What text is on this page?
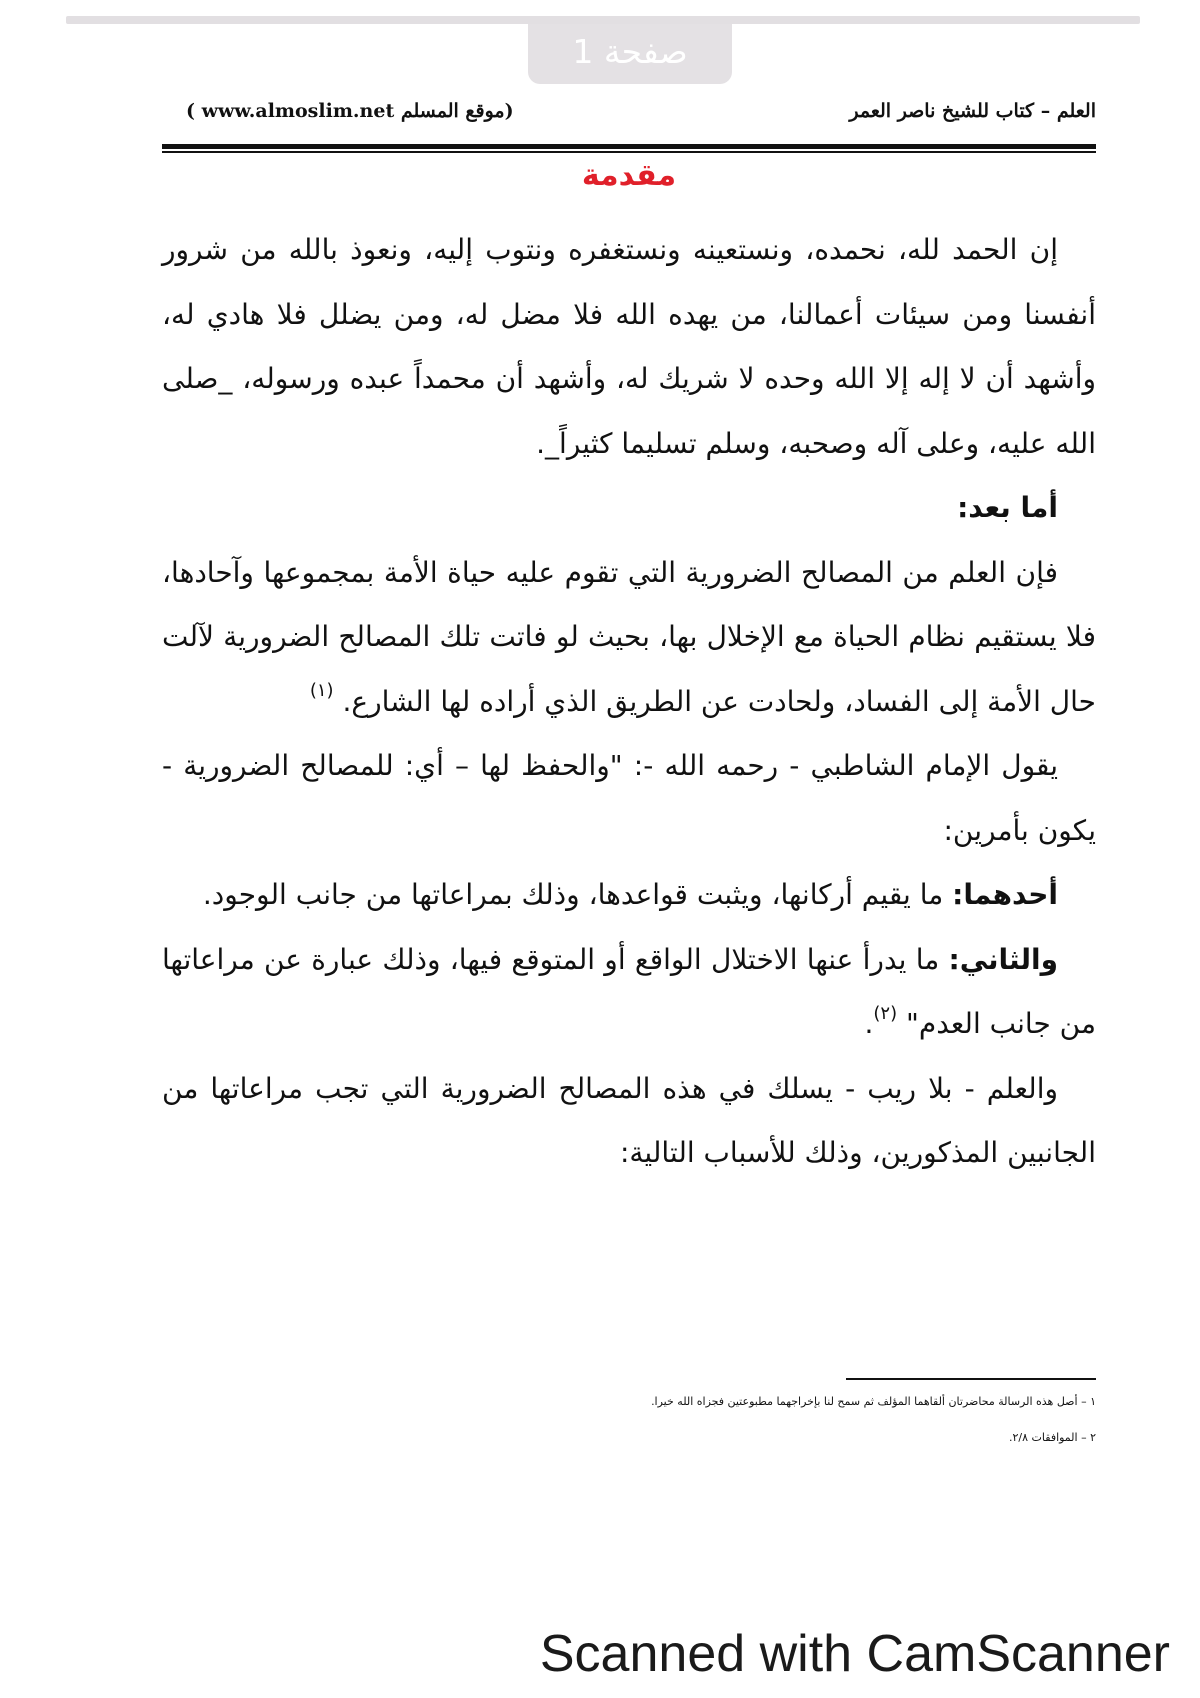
صفحة 1
العلم – كتاب للشيخ ناصر العمر
(موقع المسلم www.almoslim.net )
مقدمة

إن الحمد لله، نحمده، ونستعينه ونستغفره ونتوب إليه، ونعوذ بالله من شرور أنفسنا ومن سيئات أعمالنا، من يهده الله فلا مضل له، ومن يضلل فلا هادي له، وأشهد أن لا إله إلا الله وحده لا شريك له، وأشهد أن محمداً عبده ورسوله، _صلى الله عليه، وعلى آله وصحبه، وسلم تسليما كثيراً_.

أما بعد:

فإن العلم من المصالح الضرورية التي تقوم عليه حياة الأمة بمجموعها وآحادها، فلا يستقيم نظام الحياة مع الإخلال بها، بحيث لو فاتت تلك المصالح الضرورية لآلت حال الأمة إلى الفساد، ولحادت عن الطريق الذي أراده لها الشارع. $^{(١)}$

يقول الإمام الشاطبي - رحمه الله -: "والحفظ لها – أي: للمصالح الضرورية - يكون بأمرين:

أحدهما: ما يقيم أركانها، ويثبت قواعدها، وذلك بمراعاتها من جانب الوجود.

والثاني: ما يدرأ عنها الاختلال الواقع أو المتوقع فيها، وذلك عبارة عن مراعاتها من جانب العدم" $^{(٢)}$.

والعلم - بلا ريب - يسلك في هذه المصالح الضرورية التي تجب مراعاتها من الجانبين المذكورين، وذلك للأسباب التالية:

١ – أصل هذه الرسالة محاضرتان ألقاهما المؤلف ثم سمح لنا بإخراجهما مطبوعتين فجزاه الله خيرا.
٢ – الموافقات ٢/٨.
Scanned with CamScanner
